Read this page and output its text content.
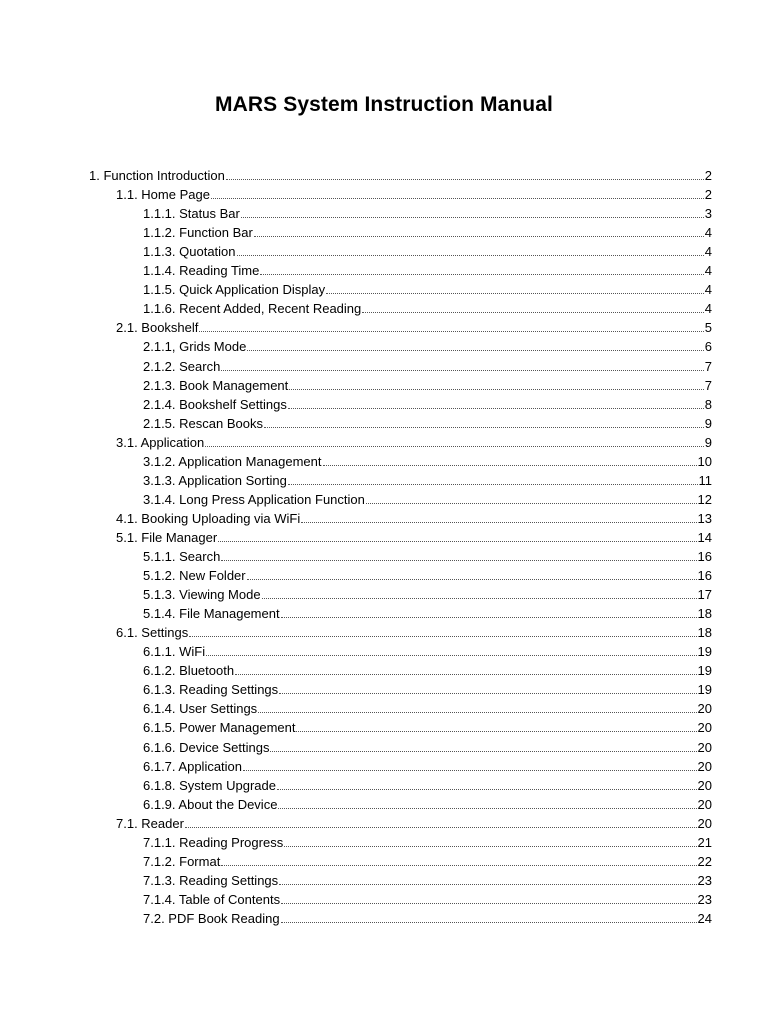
MARS System Instruction Manual
1. Function Introduction	2
1.1. Home Page	2
1.1.1. Status Bar	3
1.1.2. Function Bar	4
1.1.3. Quotation	4
1.1.4. Reading Time	4
1.1.5. Quick Application Display	4
1.1.6. Recent Added, Recent Reading	4
2.1. Bookshelf	5
2.1.1, Grids Mode	6
2.1.2. Search	7
2.1.3. Book Management	7
2.1.4. Bookshelf Settings	8
2.1.5. Rescan Books	9
3.1. Application	9
3.1.2. Application Management	10
3.1.3. Application Sorting	11
3.1.4. Long Press Application Function	12
4.1. Booking Uploading via WiFi	13
5.1. File Manager	14
5.1.1. Search	16
5.1.2. New Folder	16
5.1.3. Viewing Mode	17
5.1.4. File Management	18
6.1. Settings	18
6.1.1. WiFi	19
6.1.2. Bluetooth	19
6.1.3. Reading Settings	19
6.1.4. User Settings	20
6.1.5. Power Management	20
6.1.6. Device Settings	20
6.1.7. Application	20
6.1.8. System Upgrade	20
6.1.9. About the Device	20
7.1. Reader	20
7.1.1. Reading Progress	21
7.1.2. Format	22
7.1.3. Reading Settings	23
7.1.4. Table of Contents	23
7.2. PDF Book Reading	24
